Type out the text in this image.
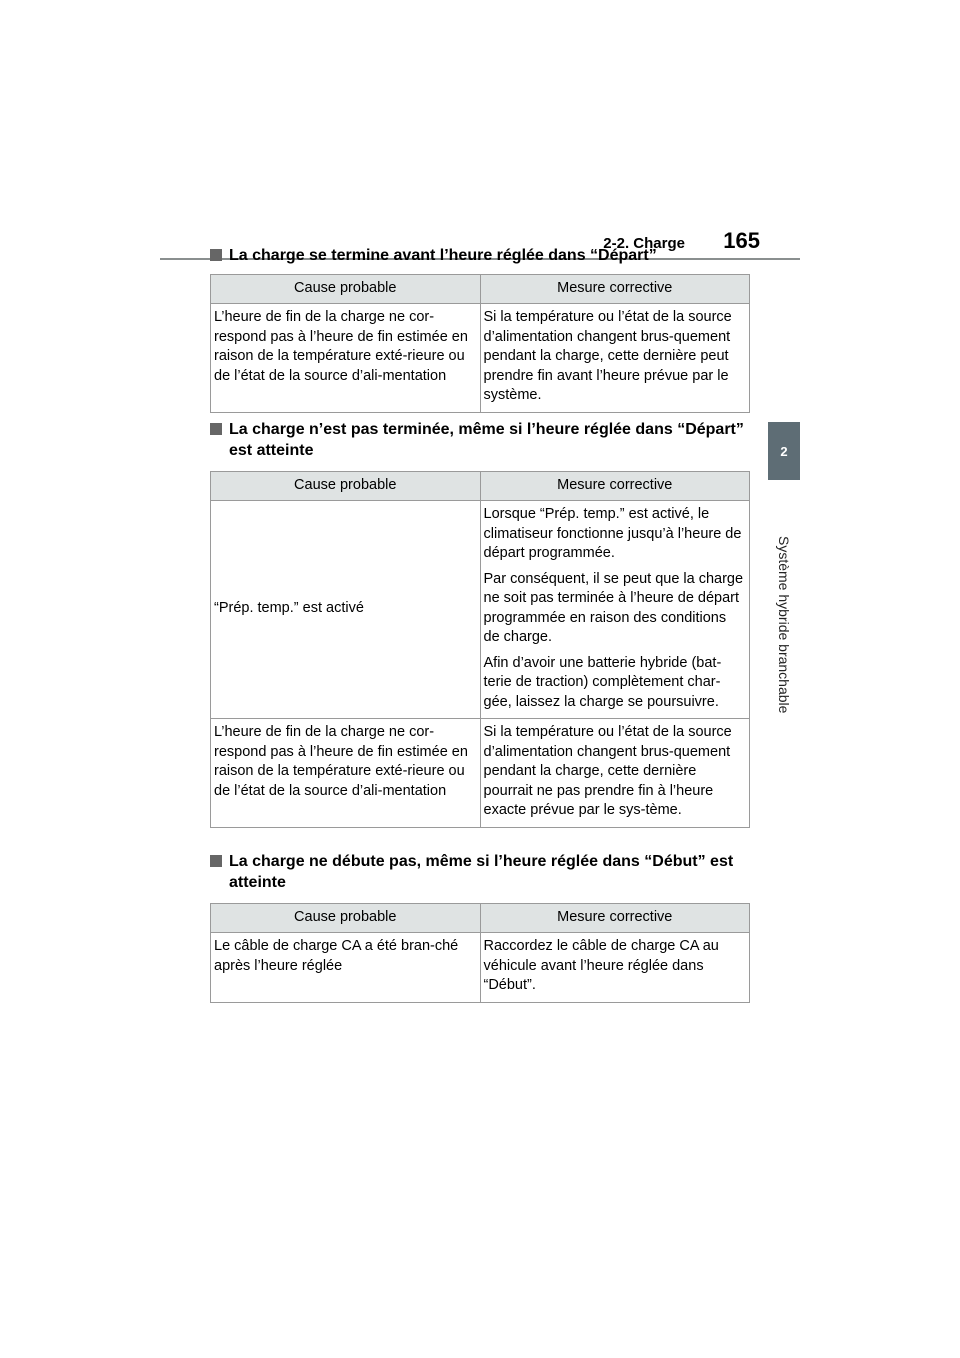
2-2. Charge 165
2
Système hybride branchable
La charge se termine avant l’heure réglée dans “Départ”
Cause probable	Mesure corrective
L’heure de fin de la charge ne cor-respond pas à l’heure de fin estimée en raison de la température exté-rieure ou de l’état de la source d’ali-mentation	Si la température ou l’état de la source d’alimentation changent brus-quement pendant la charge, cette dernière peut prendre fin avant l’heure prévue par le système.

La charge n’est pas terminée, même si l’heure réglée dans “Départ” est atteinte
Cause probable	Mesure corrective
“Prép. temp.” est activé	Lorsque “Prép. temp.” est activé, le climatiseur fonctionne jusqu’à l’heure de départ programmée.

Par conséquent, il se peut que la charge ne soit pas terminée à l’heure de départ programmée en raison des conditions de charge.

Afin d’avoir une batterie hybride (bat-terie de traction) complètement char-gée, laissez la charge se poursuivre.

L’heure de fin de la charge ne cor-respond pas à l’heure de fin estimée en raison de la température exté-rieure ou de l’état de la source d’ali-mentation	Si la température ou l’état de la source d’alimentation changent brus-quement pendant la charge, cette dernière pourrait ne pas prendre fin à l’heure exacte prévue par le sys-tème.

La charge ne débute pas, même si l’heure réglée dans “Début” est atteinte
Cause probable	Mesure corrective
Le câble de charge CA a été bran-ché après l’heure réglée	Raccordez le câble de charge CA au véhicule avant l’heure réglée dans “Début”.
